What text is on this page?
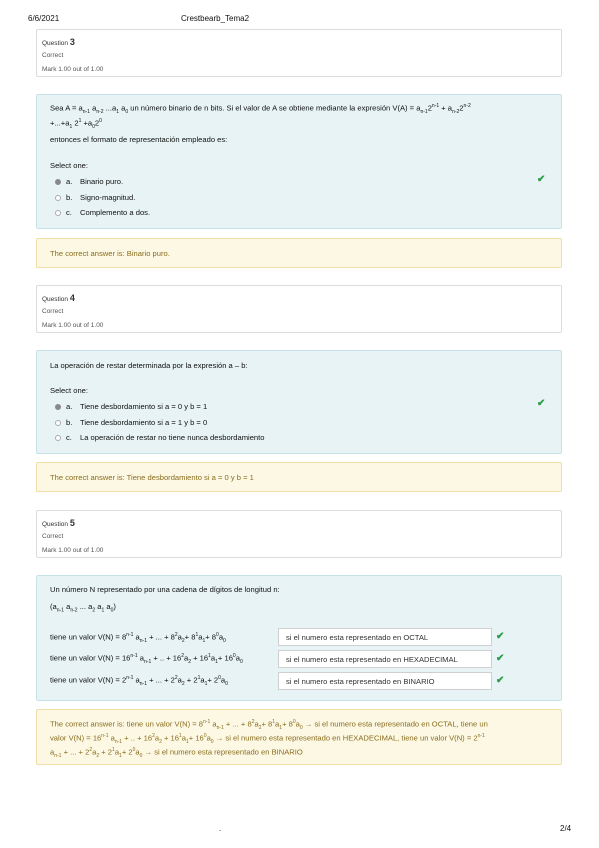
6/6/2021	Crestbearb_Tema2
Question 3
Correct
Mark 1.00 out of 1.00
Sea $A = a_{n-1}$ $a_{n-2}$ $...a_1$ $a_0$ un número binario de n bits. Si el valor de A se obtiene mediante la expresión $V(A) = a_{n-1}2^{n-1} + a_{n-2}2^{n-2}$
$+...+a_1$ $2^1 +a_02^0$
entonces el formato de representación empleado es:
Select one:
a.	Binario puro.
b.	Signo-magnitud.
c.	Complemento a dos.
✔
The correct answer is: Binario puro.
Question 4
Correct
Mark 1.00 out of 1.00
La operación de restar determinada por la expresión a – b:
Select one:
a.	Tiene desbordamiento si a = 0 y b = 1
b.	Tiene desbordamiento si a = 1 y b = 0
c.	La operación de restar no tiene nunca desbordamiento
✔
The correct answer is: Tiene desbordamiento si a = 0 y b = 1
Question 5
Correct
Mark 1.00 out of 1.00
Un número N representado por una cadena de dígitos de longitud n:
($a_{n-1}$ $a_{n-2}$ ... $a_2$ $a_1$ $a_0$)
tiene un valor $V(N) = 8^{n-1}$ $a_{n-1}$ + ... + $8^2a_2+ 8^1a_1+ 8^0a_0$	si el numero esta representado en OCTAL	✔
tiene un valor $V(N) = 16^{n-1}$ $a_{n-1}$ + .. + $16^2a_2 + 16^1a_1+ 16^0a_0$	si el numero esta representado en HEXADECIMAL	✔
tiene un valor $V(N) = 2^{n-1}$ $a_{n-1}$ + ... + $2^2a_2 + 2^1a_1+ 2^0a_0$	si el numero esta representado en BINARIO	✔
The correct answer is: tiene un valor $V(N) = 8^{n-1}$ $a_{n-1}$ + ... + $8^2a_2+ 8^1a_1+ 8^0a_0$ → si el numero esta representado en OCTAL, tiene un
valor $V(N) = 16^{n-1}$ $a_{n-1}$ + .. + $16^2a_2 + 16^1a_1+ 16^0a_0$ → si el numero esta representado en HEXADECIMAL, tiene un valor $V(N) = 2^{n-1}$
$a_{n-1}$ + ... + $2^2a_2 + 2^1a_1+ 2^0a_0$ → si el numero esta representado en BINARIO
.	2/4
